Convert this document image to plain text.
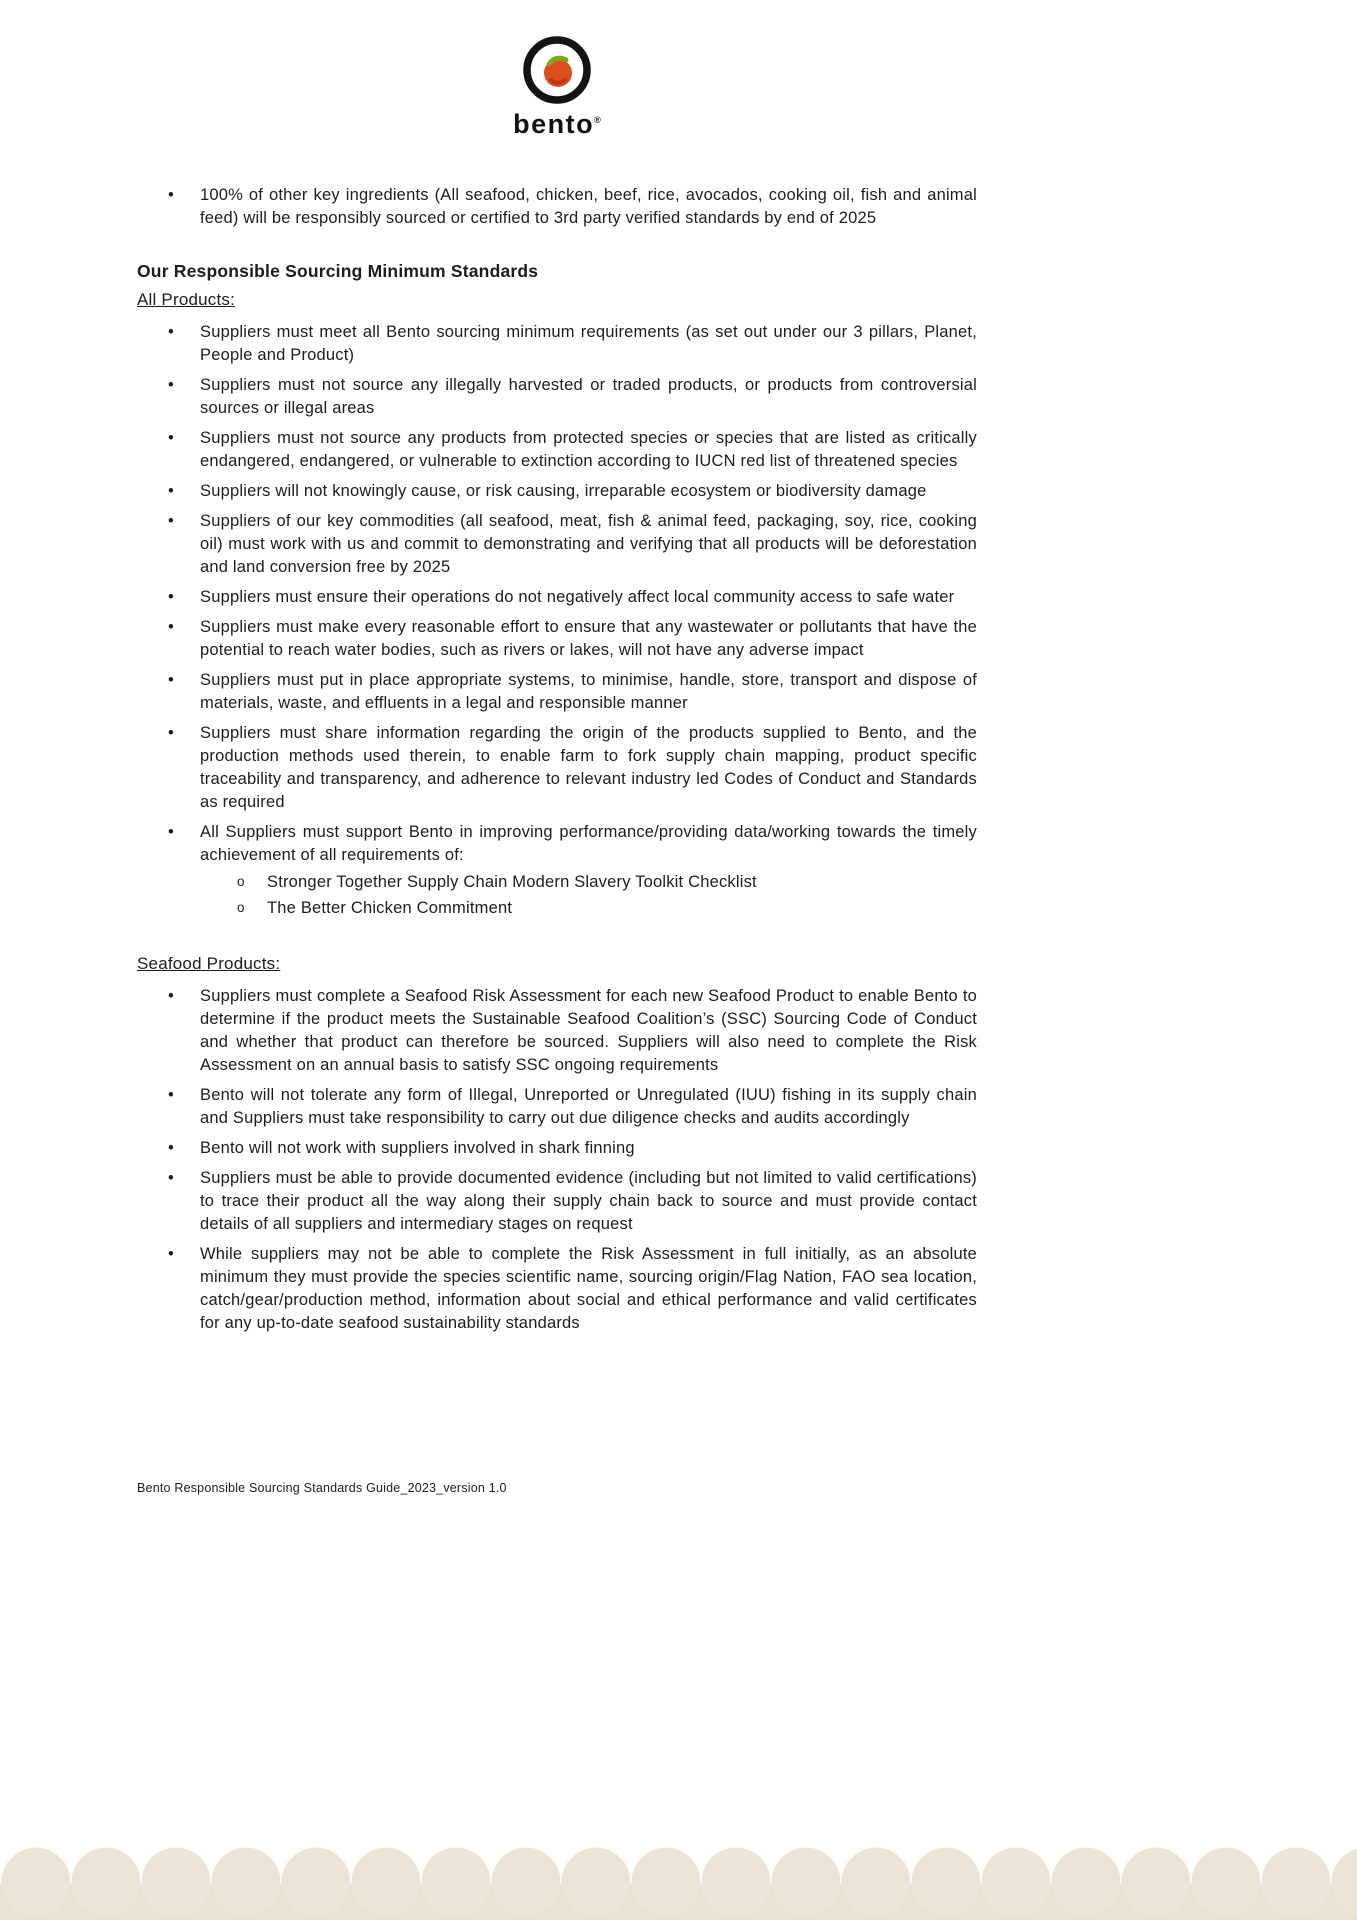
bento®
• 100% of other key ingredients (All seafood, chicken, beef, rice, avocados, cooking oil, fish and animal feed) will be responsibly sourced or certified to 3rd party verified standards by end of 2025
Our Responsible Sourcing Minimum Standards
All Products:
• Suppliers must meet all Bento sourcing minimum requirements (as set out under our 3 pillars, Planet, People and Product)
• Suppliers must not source any illegally harvested or traded products, or products from controversial sources or illegal areas
• Suppliers must not source any products from protected species or species that are listed as critically endangered, endangered, or vulnerable to extinction according to IUCN red list of threatened species
• Suppliers will not knowingly cause, or risk causing, irreparable ecosystem or biodiversity damage
• Suppliers of our key commodities (all seafood, meat, fish & animal feed, packaging, soy, rice, cooking oil) must work with us and commit to demonstrating and verifying that all products will be deforestation and land conversion free by 2025
• Suppliers must ensure their operations do not negatively affect local community access to safe water
• Suppliers must make every reasonable effort to ensure that any wastewater or pollutants that have the potential to reach water bodies, such as rivers or lakes, will not have any adverse impact
• Suppliers must put in place appropriate systems, to minimise, handle, store, transport and dispose of materials, waste, and effluents in a legal and responsible manner
• Suppliers must share information regarding the origin of the products supplied to Bento, and the production methods used therein, to enable farm to fork supply chain mapping, product specific traceability and transparency, and adherence to relevant industry led Codes of Conduct and Standards as required
• All Suppliers must support Bento in improving performance/providing data/working towards the timely achievement of all requirements of:
o Stronger Together Supply Chain Modern Slavery Toolkit Checklist
o The Better Chicken Commitment
Seafood Products:
• Suppliers must complete a Seafood Risk Assessment for each new Seafood Product to enable Bento to determine if the product meets the Sustainable Seafood Coalition’s (SSC) Sourcing Code of Conduct and whether that product can therefore be sourced. Suppliers will also need to complete the Risk Assessment on an annual basis to satisfy SSC ongoing requirements
• Bento will not tolerate any form of Illegal, Unreported or Unregulated (IUU) fishing in its supply chain and Suppliers must take responsibility to carry out due diligence checks and audits accordingly
• Bento will not work with suppliers involved in shark finning
• Suppliers must be able to provide documented evidence (including but not limited to valid certifications) to trace their product all the way along their supply chain back to source and must provide contact details of all suppliers and intermediary stages on request
• While suppliers may not be able to complete the Risk Assessment in full initially, as an absolute minimum they must provide the species scientific name, sourcing origin/Flag Nation, FAO sea location, catch/gear/production method, information about social and ethical performance and valid certificates for any up-to-date seafood sustainability standards
Bento Responsible Sourcing Standards Guide_2023_version 1.0
